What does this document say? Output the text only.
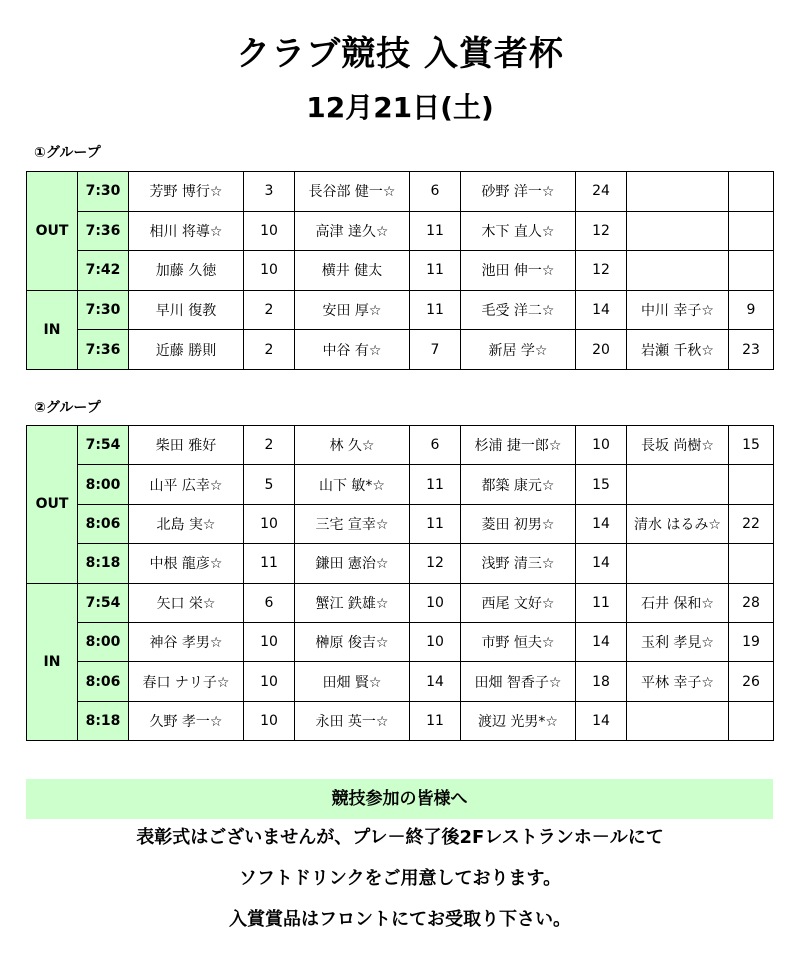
クラブ競技 入賞者杯
12月21日(土)
①グループ
OUT	7:30	芳野 博行☆	3	長谷部 健一☆	6	砂野 洋一☆	24		
	7:36	相川 将導☆	10	高津 達久☆	11	木下 直人☆	12		
	7:42	加藤 久徳	10	横井 健太	11	池田 伸一☆	12		
IN	7:30	早川 復教	2	安田 厚☆	11	毛受 洋二☆	14	中川 幸子☆	9
	7:36	近藤 勝則	2	中谷 有☆	7	新居 学☆	20	岩瀬 千秋☆	23
②グループ
OUT	7:54	柴田 雅好	2	林 久☆	6	杉浦 捷一郎☆	10	長坂 尚樹☆	15
	8:00	山平 広幸☆	5	山下 敏*☆	11	都築 康元☆	15		
	8:06	北島 実☆	10	三宅 宣幸☆	11	菱田 初男☆	14	清水 はるみ☆	22
	8:18	中根 龍彦☆	11	鎌田 憲治☆	12	浅野 清三☆	14		
IN	7:54	矢口 栄☆	6	蟹江 鉄雄☆	10	西尾 文好☆	11	石井 保和☆	28
	8:00	神谷 孝男☆	10	榊原 俊吉☆	10	市野 恒夫☆	14	玉利 孝見☆	19
	8:06	春口 ナリ子☆	10	田畑 賢☆	14	田畑 智香子☆	18	平林 幸子☆	26
	8:18	久野 孝一☆	10	永田 英一☆	11	渡辺 光男*☆	14		
競技参加の皆様へ
表彰式はございませんが、プレ－終了後2Fレストランホ－ルにて
ソフトドリンクをご用意しております。
入賞賞品はフロントにてお受取り下さい。
